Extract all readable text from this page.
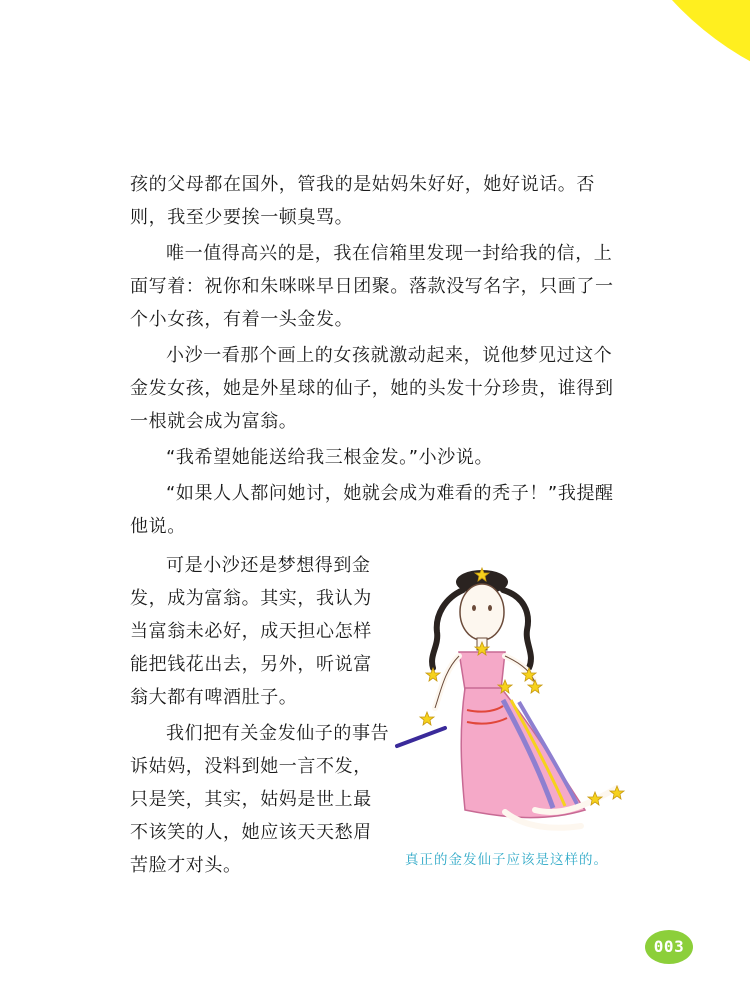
孩的父母都在国外，管我的是姑妈朱好好，她好说话。否则，我至少要挨一顿臭骂。

唯一值得高兴的是，我在信箱里发现一封给我的信，上面写着：祝你和朱咪咪早日团聚。落款没写名字，只画了一个小女孩，有着一头金发。

小沙一看那个画上的女孩就激动起来，说他梦见过这个金发女孩，她是外星球的仙子，她的头发十分珍贵，谁得到一根就会成为富翁。

“我希望她能送给我三根金发。”小沙说。

“如果人人都问她讨，她就会成为难看的秃子！”我提醒他说。

可是小沙还是梦想得到金发，成为富翁。其实，我认为当富翁未必好，成天担心怎样能把钱花出去，另外，听说富翁大都有啤酒肚子。

我们把有关金发仙子的事告诉姑妈，没料到她一言不发，只是笑，其实，姑妈是世上最不该笑的人，她应该天天愁眉苦脸才对头。	真正的金发仙子应该是这样的。
003
